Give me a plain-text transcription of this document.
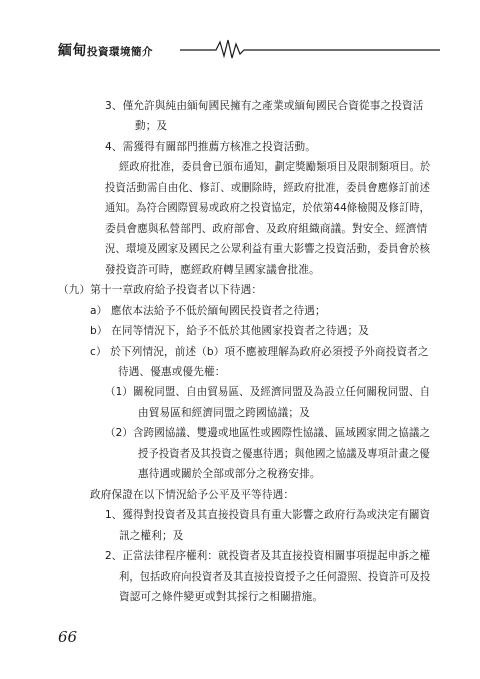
緬甸投資環境簡介
3、僅允許與純由緬甸國民擁有之產業或緬甸國民合資從事之投資活
動；及
4、需獲得有關部門推薦方核准之投資活動。
經政府批准，委員會已頒布通知，劃定獎勵類項目及限制類項目。於
投資活動需自由化、修訂、或刪除時，經政府批准，委員會應修訂前述
通知。為符合國際貿易或政府之投資協定，於依第44條檢閱及修訂時，
委員會應與私營部門、政府部會、及政府組織商議。對安全、經濟情
況、環境及國家及國民之公眾利益有重大影響之投資活動，委員會於核
發投資許可時，應經政府轉呈國家議會批准。
（九）第十一章政府給予投資者以下待遇：
a） 應依本法給予不低於緬甸國民投資者之待遇；
b） 在同等情況下，給予不低於其他國家投資者之待遇；及
c） 於下列情況，前述（b）項不應被理解為政府必須授予外商投資者之
待遇、優惠或優先權：
（1）關稅同盟、自由貿易區、及經濟同盟及為設立任何關稅同盟、自
由貿易區和經濟同盟之跨國協議；及
（2）含跨國協議、雙邊或地區性或國際性協議、區域國家間之協議之
授予投資者及其投資之優惠待遇；與他國之協議及專項計畫之優
惠待遇或關於全部或部分之稅務安排。
政府保證在以下情況給予公平及平等待遇：
1、獲得對投資者及其直接投資具有重大影響之政府行為或決定有關資
訊之權利；及
2、正當法律程序權利：就投資者及其直接投資相關事項提起申訴之權
利，包括政府向投資者及其直接投資授予之任何證照、投資許可及投
資認可之條件變更或對其採行之相關措施。
66
